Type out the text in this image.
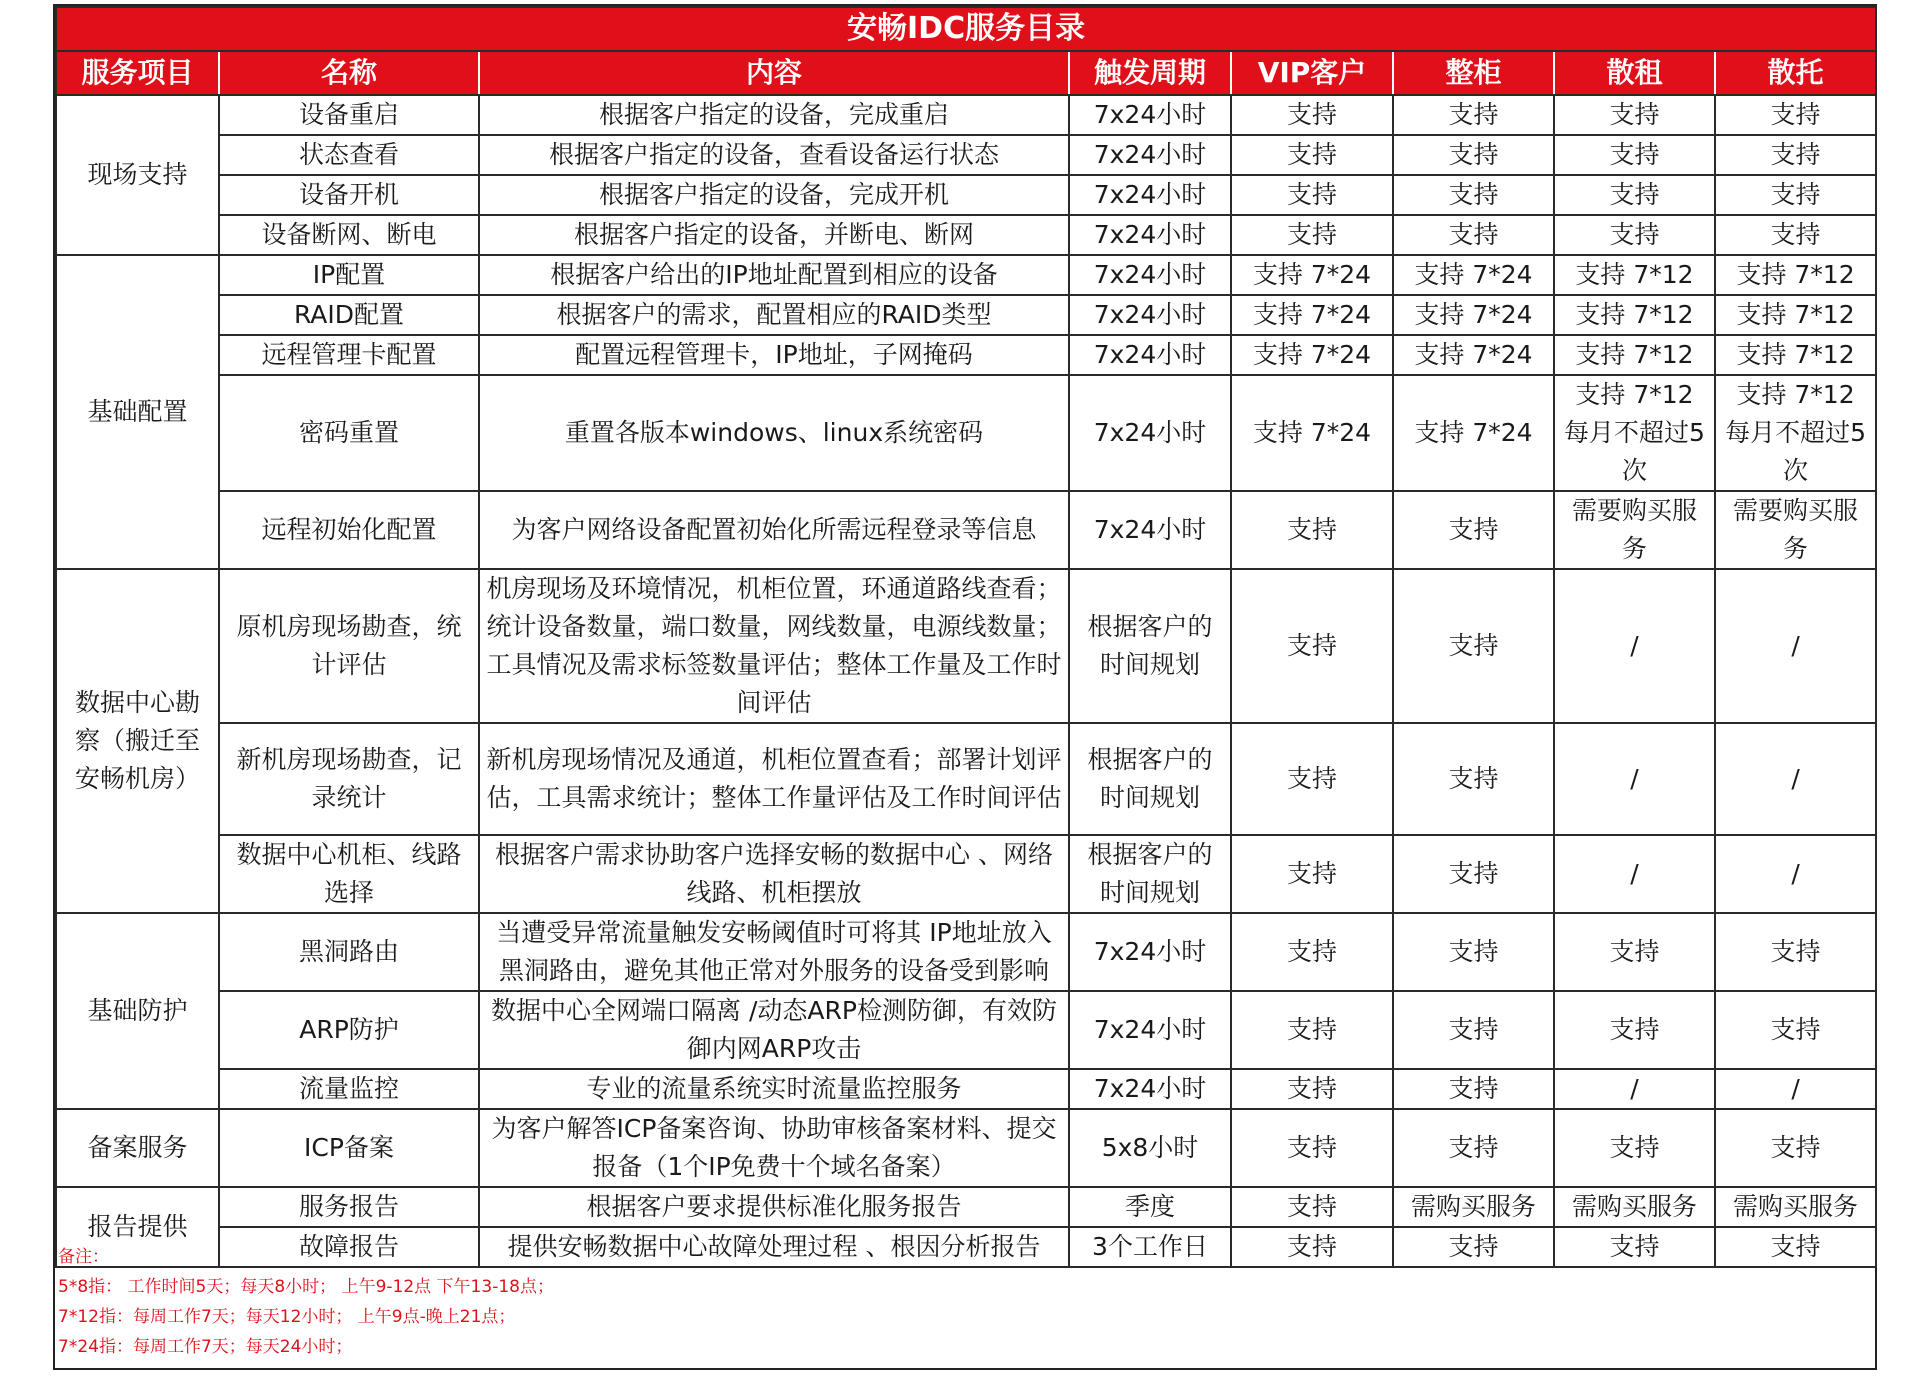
安畅IDC服务目录							
服务项目	名称	内容	触发周期	VIP客户	整柜	散租	散托
现场支持	设备重启	根据客户指定的设备，完成重启	7x24小时	支持	支持	支持	支持
	状态查看	根据客户指定的设备，查看设备运行状态	7x24小时	支持	支持	支持	支持
	设备开机	根据客户指定的设备，完成开机	7x24小时	支持	支持	支持	支持
	设备断网、断电	根据客户指定的设备，并断电、断网	7x24小时	支持	支持	支持	支持
基础配置	IP配置	根据客户给出的IP地址配置到相应的设备	7x24小时	支持 7*24	支持 7*24	支持 7*12	支持 7*12
	RAID配置	根据客户的需求，配置相应的RAID类型	7x24小时	支持 7*24	支持 7*24	支持 7*12	支持 7*12
	远程管理卡配置	配置远程管理卡，IP地址，子网掩码	7x24小时	支持 7*24	支持 7*24	支持 7*12	支持 7*12
	密码重置	重置各版本windows、linux系统密码	7x24小时	支持 7*24	支持 7*24	支持 7*12 每月不超过5次	支持 7*12 每月不超过5次
	远程初始化配置	为客户网络设备配置初始化所需远程登录等信息	7x24小时	支持	支持	需要购买服务	需要购买服务
数据中心勘察（搬迁至安畅机房）	原机房现场勘查，统计评估	机房现场及环境情况，机柜位置，环通道路线查看；统计设备数量，端口数量，网线数量，电源线数量；工具情况及需求标签数量评估；整体工作量及工作时间评估	根据客户的时间规划	支持	支持	/	/
	新机房现场勘查，记录统计	新机房现场情况及通道，机柜位置查看；部署计划评估，工具需求统计；整体工作量评估及工作时间评估	根据客户的时间规划	支持	支持	/	/
	数据中心机柜、线路选择	根据客户需求协助客户选择安畅的数据中心 、网络线路、机柜摆放	根据客户的时间规划	支持	支持	/	/
基础防护	黑洞路由	当遭受异常流量触发安畅阈值时可将其 IP地址放入黑洞路由，避免其他正常对外服务的设备受到影响	7x24小时	支持	支持	支持	支持
	ARP防护	数据中心全网端口隔离 /动态ARP检测防御，有效防御内网ARP攻击	7x24小时	支持	支持	支持	支持
	流量监控	专业的流量系统实时流量监控服务	7x24小时	支持	支持	/	/
备案服务	ICP备案	为客户解答ICP备案咨询、协助审核备案材料、提交报备（1个IP免费十个域名备案）	5x8小时	支持	支持	支持	支持
报告提供	服务报告	根据客户要求提供标准化服务报告	季度	支持	需购买服务	需购买服务	需购买服务
	故障报告	提供安畅数据中心故障处理过程 、根因分析报告	3个工作日	支持	支持	支持	支持
备注：
5*8指： 工作时间5天；每天8小时； 上午9-12点 下午13-18点；
7*12指：每周工作7天；每天12小时； 上午9点-晚上21点；
7*24指：每周工作7天；每天24小时；
